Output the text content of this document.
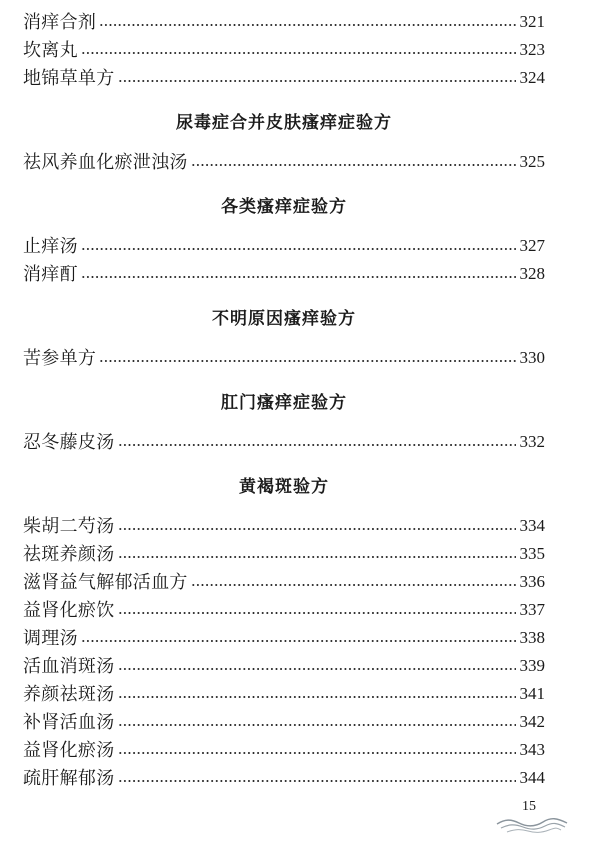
消痒合剂	321
坎离丸	323
地锦草单方	324
尿毒症合并皮肤瘙痒症验方
祛风养血化瘀泄浊汤	325
各类瘙痒症验方
止痒汤	327
消痒酊	328
不明原因瘙痒验方
苦参单方	330
肛门瘙痒症验方
忍冬藤皮汤	332
黄褐斑验方
柴胡二芍汤	334
祛斑养颜汤	335
滋肾益气解郁活血方	336
益肾化瘀饮	337
调理汤	338
活血消斑汤	339
养颜祛斑汤	341
补肾活血汤	342
益肾化瘀汤	343
疏肝解郁汤	344
15
